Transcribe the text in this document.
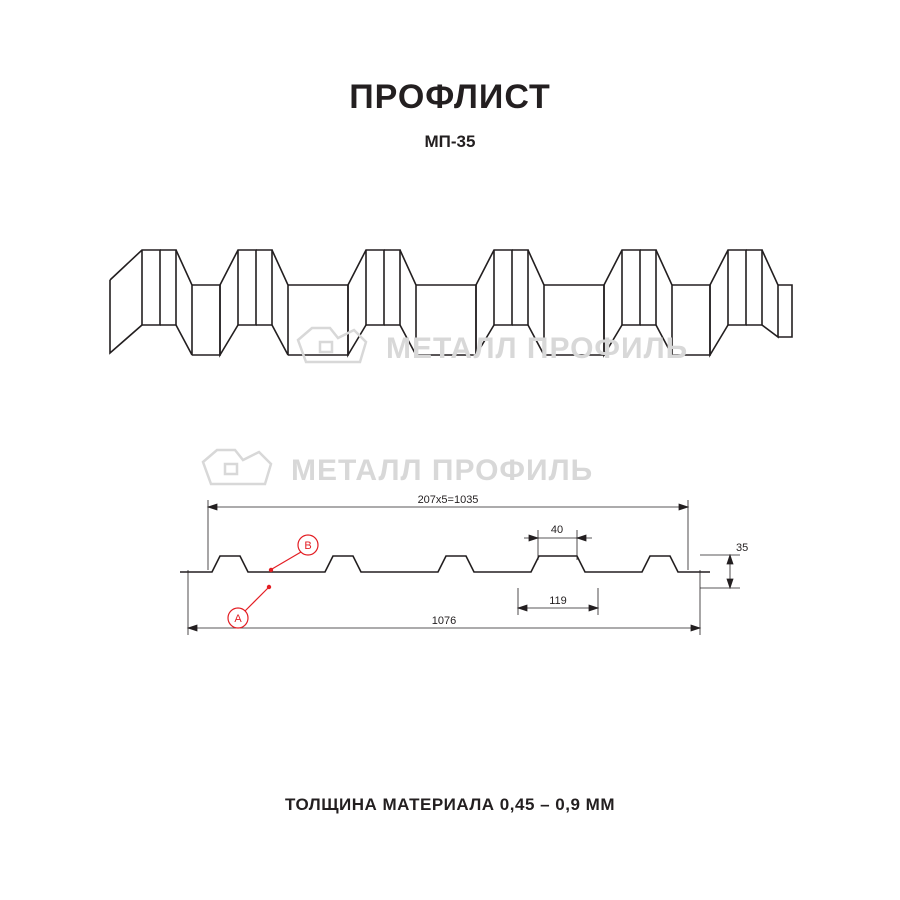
ПРОФЛИСТ
МП-35
207х5=1035
1076
40
119
35
A
B
МЕТАЛЛ ПРОФИЛЬ
МЕТАЛЛ ПРОФИЛЬ
ТОЛЩИНА МАТЕРИАЛА 0,45 – 0,9 ММ
